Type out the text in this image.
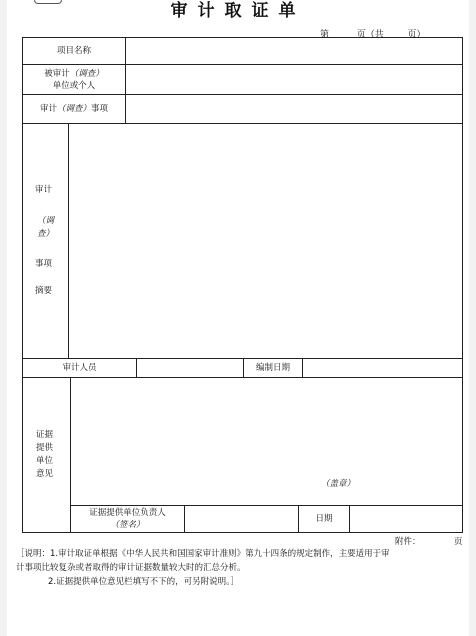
审计取证单
第	页（共	页）
项目名称
被审计（调查）
单位或个人
审计 （调查） 事项
审计
（调
查）
事项
摘要
审计人员	编制日期
证据
提供
单位
意见
（盖章）
证据提供单位负责人
（签名）
日期
附件：	页
［说明：1.审计取证单根据《中华人民共和国国家审计准则》第九十四条的规定制作，主要适用于审
计事项比较复杂或者取得的审计证据数量较大时的汇总分析。
2.证据提供单位意见栏填写不下的，可另附说明。］
